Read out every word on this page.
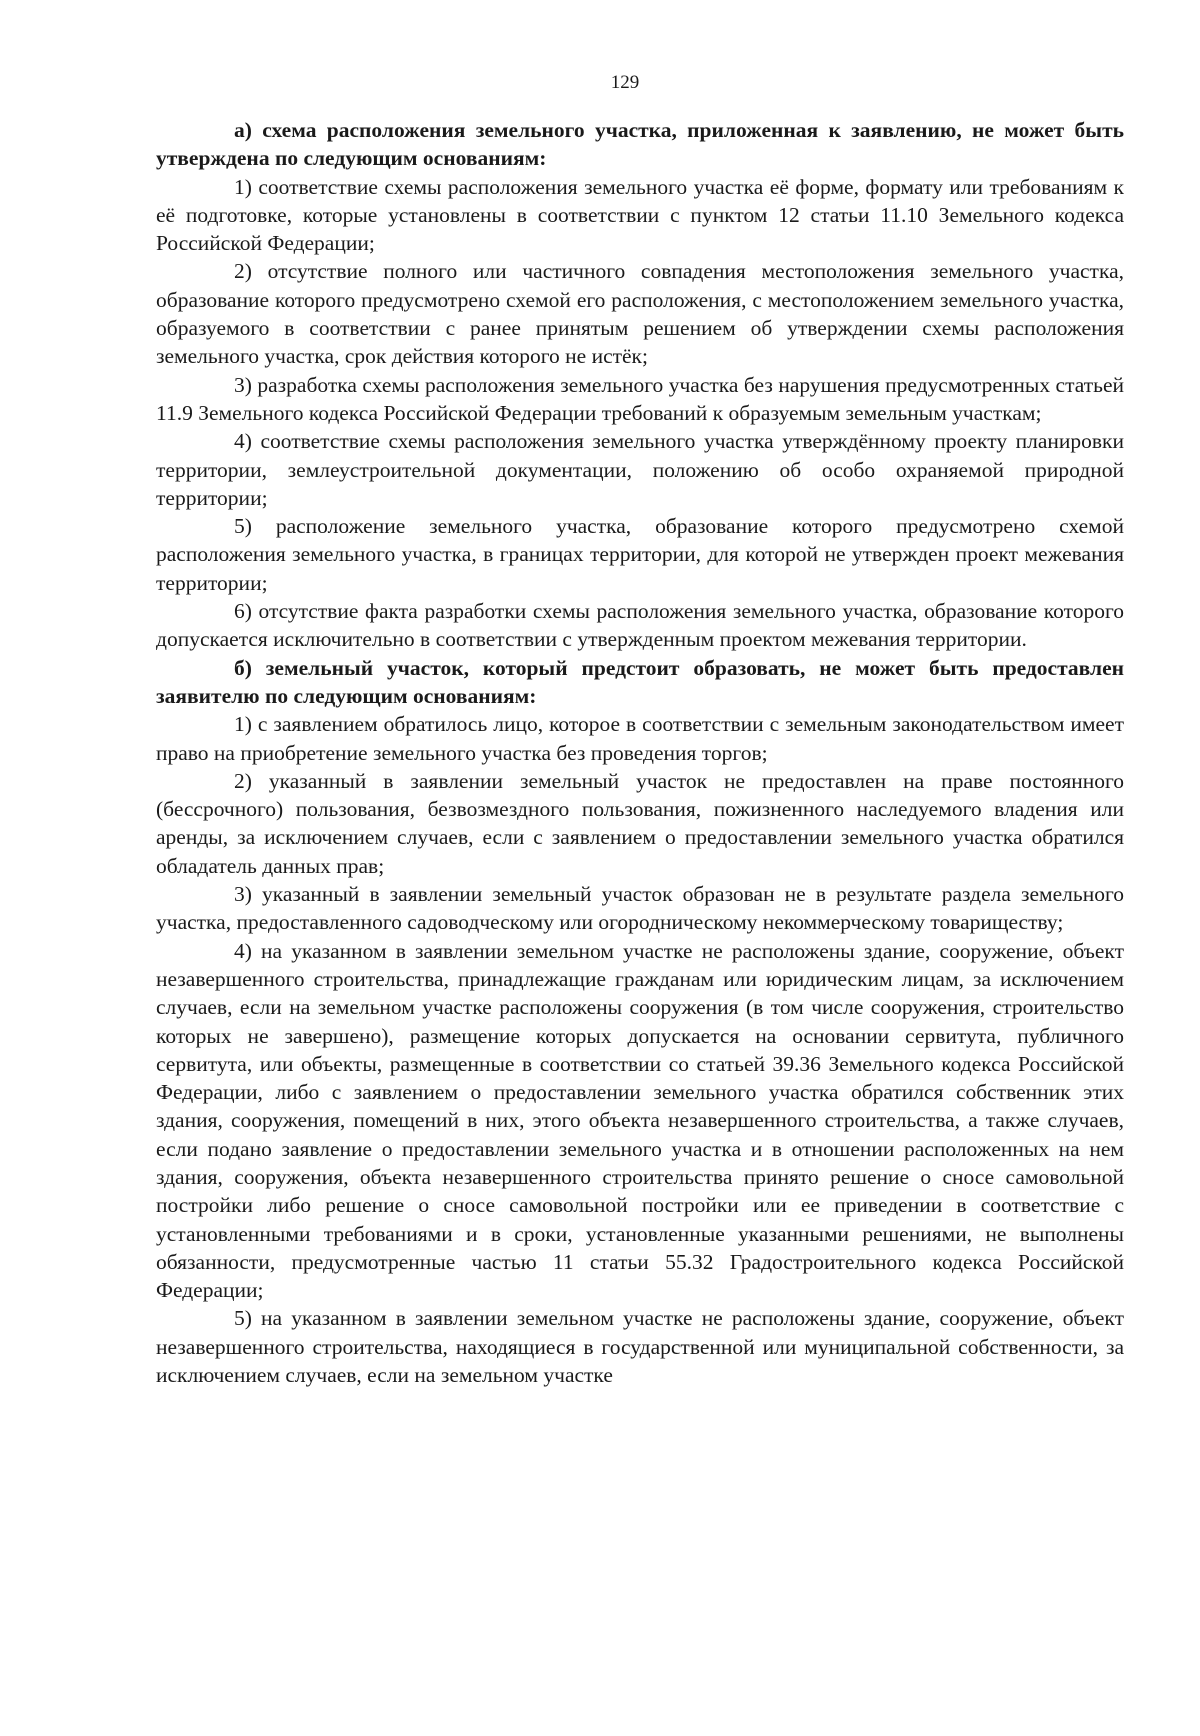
129

а) схема расположения земельного участка, приложенная к заявлению, не может быть утверждена по следующим основаниям:

1) соответствие схемы расположения земельного участка её форме, формату или требованиям к её подготовке, которые установлены в соответствии с пунктом 12 статьи 11.10 Земельного кодекса Российской Федерации;

2) отсутствие полного или частичного совпадения местоположения земельного участка, образование которого предусмотрено схемой его расположения, с местоположением земельного участка, образуемого в соответствии с ранее принятым решением об утверждении схемы расположения земельного участка, срок действия которого не истёк;

3) разработка схемы расположения земельного участка без нарушения предусмотренных статьей 11.9 Земельного кодекса Российской Федерации требований к образуемым земельным участкам;

4) соответствие схемы расположения земельного участка утверждённому проекту планировки территории, землеустроительной документации, положению об особо охраняемой природной территории;

5) расположение земельного участка, образование которого предусмотрено схемой расположения земельного участка, в границах территории, для которой не утвержден проект межевания территории;

6) отсутствие факта разработки схемы расположения земельного участка, образование которого допускается исключительно в соответствии с утвержденным проектом межевания территории.

б) земельный участок, который предстоит образовать, не может быть предоставлен заявителю по следующим основаниям:

1) с заявлением обратилось лицо, которое в соответствии с земельным законодательством имеет право на приобретение земельного участка без проведения торгов;

2) указанный в заявлении земельный участок не предоставлен на праве постоянного (бессрочного) пользования, безвозмездного пользования, пожизненного наследуемого владения или аренды, за исключением случаев, если с заявлением о предоставлении земельного участка обратился обладатель данных прав;

3) указанный в заявлении земельный участок образован не в результате раздела земельного участка, предоставленного садоводческому или огородническому некоммерческому товариществу;

4) на указанном в заявлении земельном участке не расположены здание, сооружение, объект незавершенного строительства, принадлежащие гражданам или юридическим лицам, за исключением случаев, если на земельном участке расположены сооружения (в том числе сооружения, строительство которых не завершено), размещение которых допускается на основании сервитута, публичного сервитута, или объекты, размещенные в соответствии со статьей 39.36 Земельного кодекса Российской Федерации, либо с заявлением о предоставлении земельного участка обратился собственник этих здания, сооружения, помещений в них, этого объекта незавершенного строительства, а также случаев, если подано заявление о предоставлении земельного участка и в отношении расположенных на нем здания, сооружения, объекта незавершенного строительства принято решение о сносе самовольной постройки либо решение о сносе самовольной постройки или ее приведении в соответствие с установленными требованиями и в сроки, установленные указанными решениями, не выполнены обязанности, предусмотренные частью 11 статьи 55.32 Градостроительного кодекса Российской Федерации;

5) на указанном в заявлении земельном участке не расположены здание, сооружение, объект незавершенного строительства, находящиеся в государственной или муниципальной собственности, за исключением случаев, если на земельном участке
